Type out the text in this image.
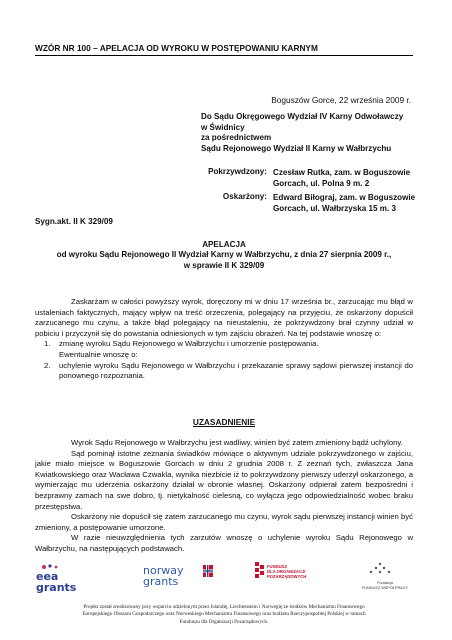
WZÓR NR 100 – APELACJA OD WYROKU W POSTĘPOWANIU KARNYM
Boguszów Gorce, 22 września 2009 r.
Do Sądu Okręgowego Wydział IV Karny Odwoławczy
w Świdnicy
za pośrednictwem
Sądu Rejonowego Wydział II Karny w Wałbrzychu
Pokrzywdzony: Czesław Rutka, zam. w Boguszowie
Gorcach, ul. Polna 9 m. 2
Oskarżony: Edward Biłograj, zam. w Boguszowie
Gorcach, ul. Wałbrzyska 15 m. 3
Sygn.akt. II K 329/09
APELACJA
od wyroku Sądu Rejonowego II Wydział Karny w Wałbrzychu, z dnia 27 sierpnia 2009 r.,
w sprawie II K 329/09
Zaskarżam w całości powyższy wyrok, doręczony mi w dniu 17 września br., zarzucając mu błąd w ustaleniach faktycznych, mający wpływ na treść orzeczenia, polegający na przyjęciu, że oskarżony dopuścił zarzucanego mu czynu, a także błąd polegający na nieustaleniu, że pokrzywdzony brał czynny udział w pobiciu i przyczynił się do powstania odniesionych w tym zajściu obrażeń. Na tej podstawie wnoszę o:
1. zmianę wyroku Sądu Rejonowego w Wałbrzychu i umorzenie postępowania.
Ewentualnie wnoszę o:
2. uchylenie wyroku Sądu Rejonowego w Wałbrzychu i przekazanie sprawy sądowi pierwszej instancji do ponownego rozpoznania.
UZASADNIENIE
Wyrok Sądu Rejonowego w Wałbrzychu jest wadliwy, winien być zatem zmieniony bądź uchylony.
Sąd pominął istotne zeznania świadków mówiące o aktywnym udziale pokrzywdzonego w zajściu, jakie miało miejsce w Boguszowie Gorcach w dniu 2 grudnia 2008 r. Z zeznań tych, zwłaszcza Jana Kwiatkowskiego oraz Wacława Czwakla, wynika niezbicie iż to pokrzywdzony pierwszy uderzył oskarżonego, a wymierzając mu uderzenia oskarżony działał w obronie własnej. Oskarżony odpierał zatem bezpośredni i bezprawny zamach na swe dobro, tj. nietykalność cielesną, co wyłącza jego odpowiedzialność wobec braku przestępstwa.
Oskarżony nie dopuścił się zatem zarzucanego mu czynu, wyrok sądu pierwszej instancji winien być zmieniony, a postępowanie umorzone.
W razie nieuwzględnienia tych zarzutów wnoszę o uchylenie wyroku Sądu Rejonowego w Wałbrzychu, na następujących podstawach.
eea grants
norway grants
FUNDUSZ
DLA ORGANIZACJI
POZARZĄDOWYCH
Fundacja
FUNDUSZ WSPÓŁPRACY
Projekt został zrealizowany przy wsparciu udzielonym przez Islandię, Liechtenstein i Norwegię ze środków Mechanizmu Finansowego
Europejskiego Obszaru Gospodarczego oraz Norweskiego Mechanizmu Finansowego oraz budżetu Rzeczypospolitej Polskiej w ramach
Funduszu dla Organizacji Pozarządowych.
